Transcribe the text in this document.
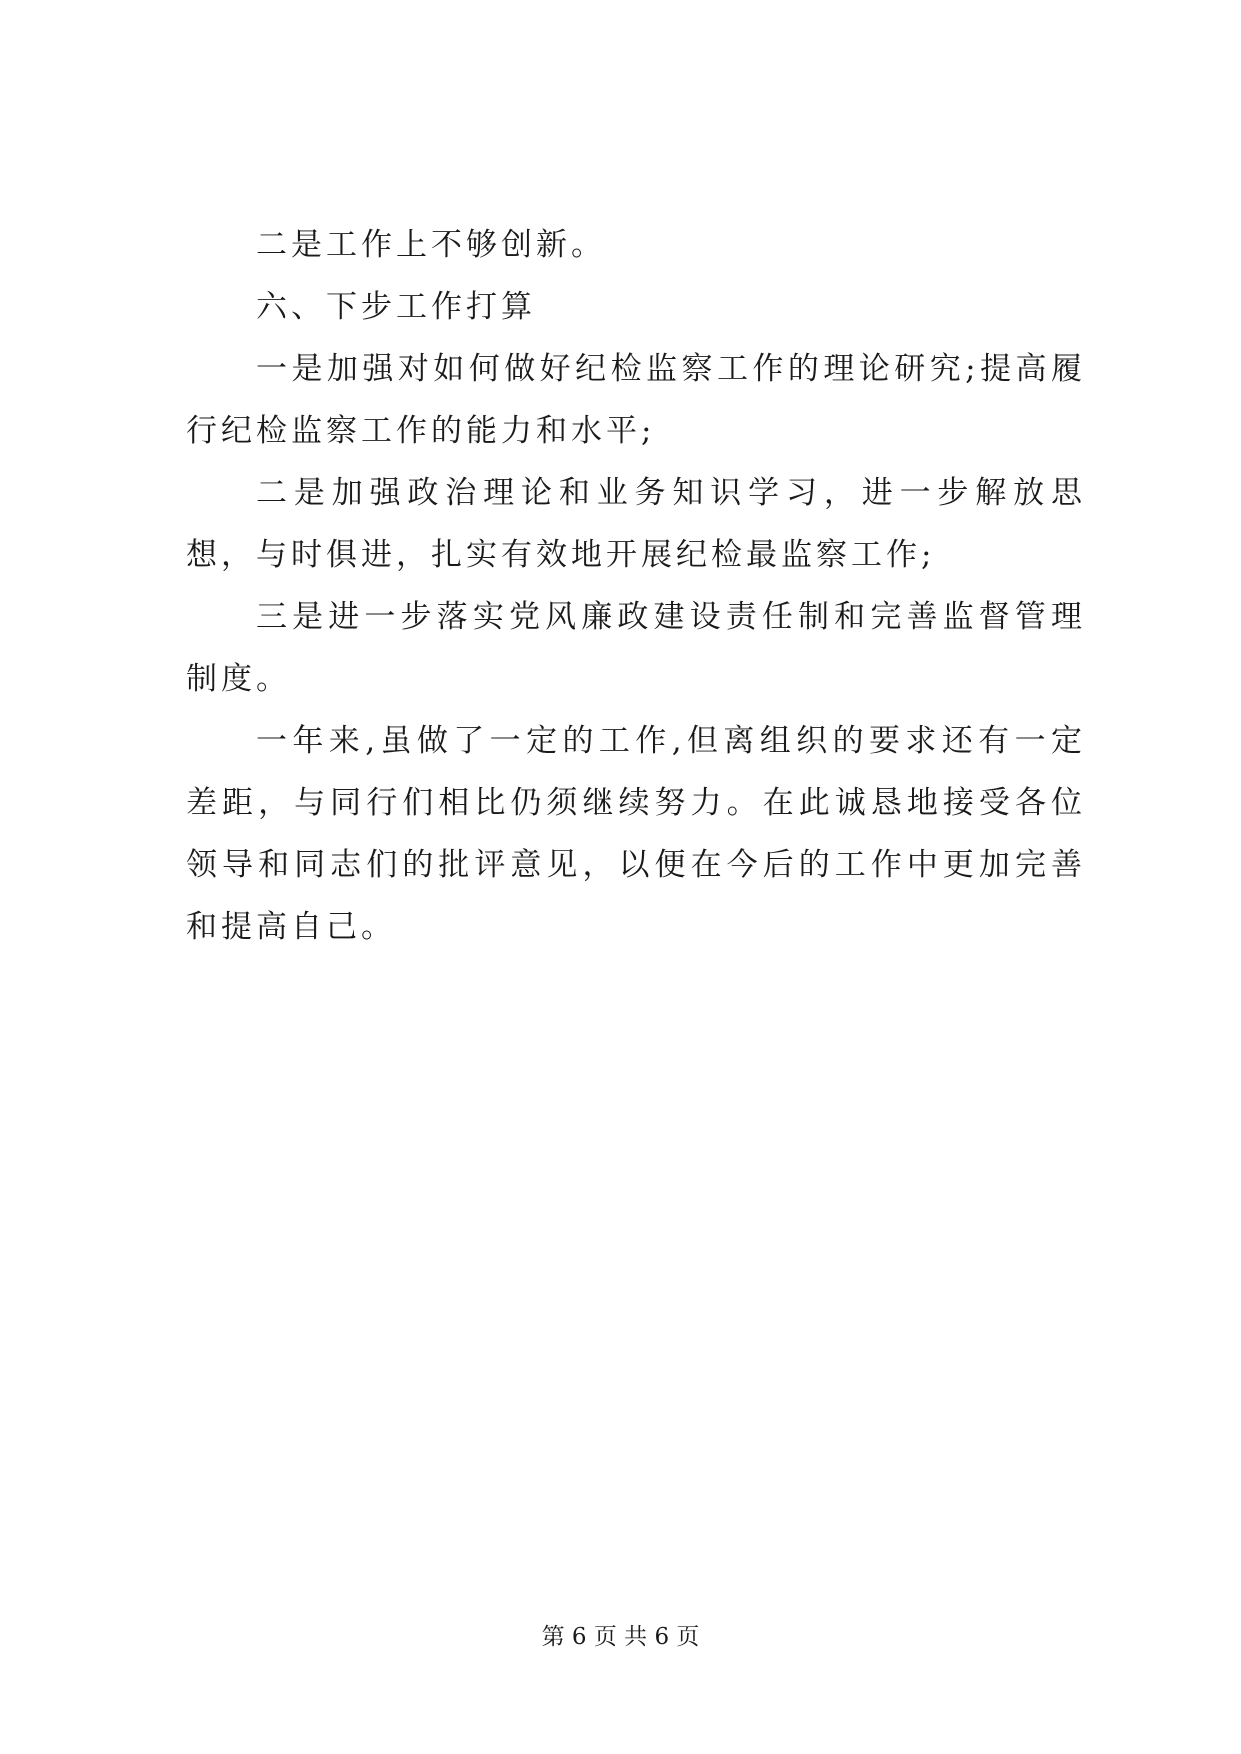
二是工作上不够创新。

六、下步工作打算

一是加强对如何做好纪检监察工作的理论研究;提高履行纪检监察工作的能力和水平;

二是加强政治理论和业务知识学习，进一步解放思想，与时俱进，扎实有效地开展纪检最监察工作;

三是进一步落实党风廉政建设责任制和完善监督管理制度。

一年来,虽做了一定的工作,但离组织的要求还有一定差距，与同行们相比仍须继续努力。在此诚恳地接受各位领导和同志们的批评意见，以便在今后的工作中更加完善和提高自己。

第 6 页 共 6 页
